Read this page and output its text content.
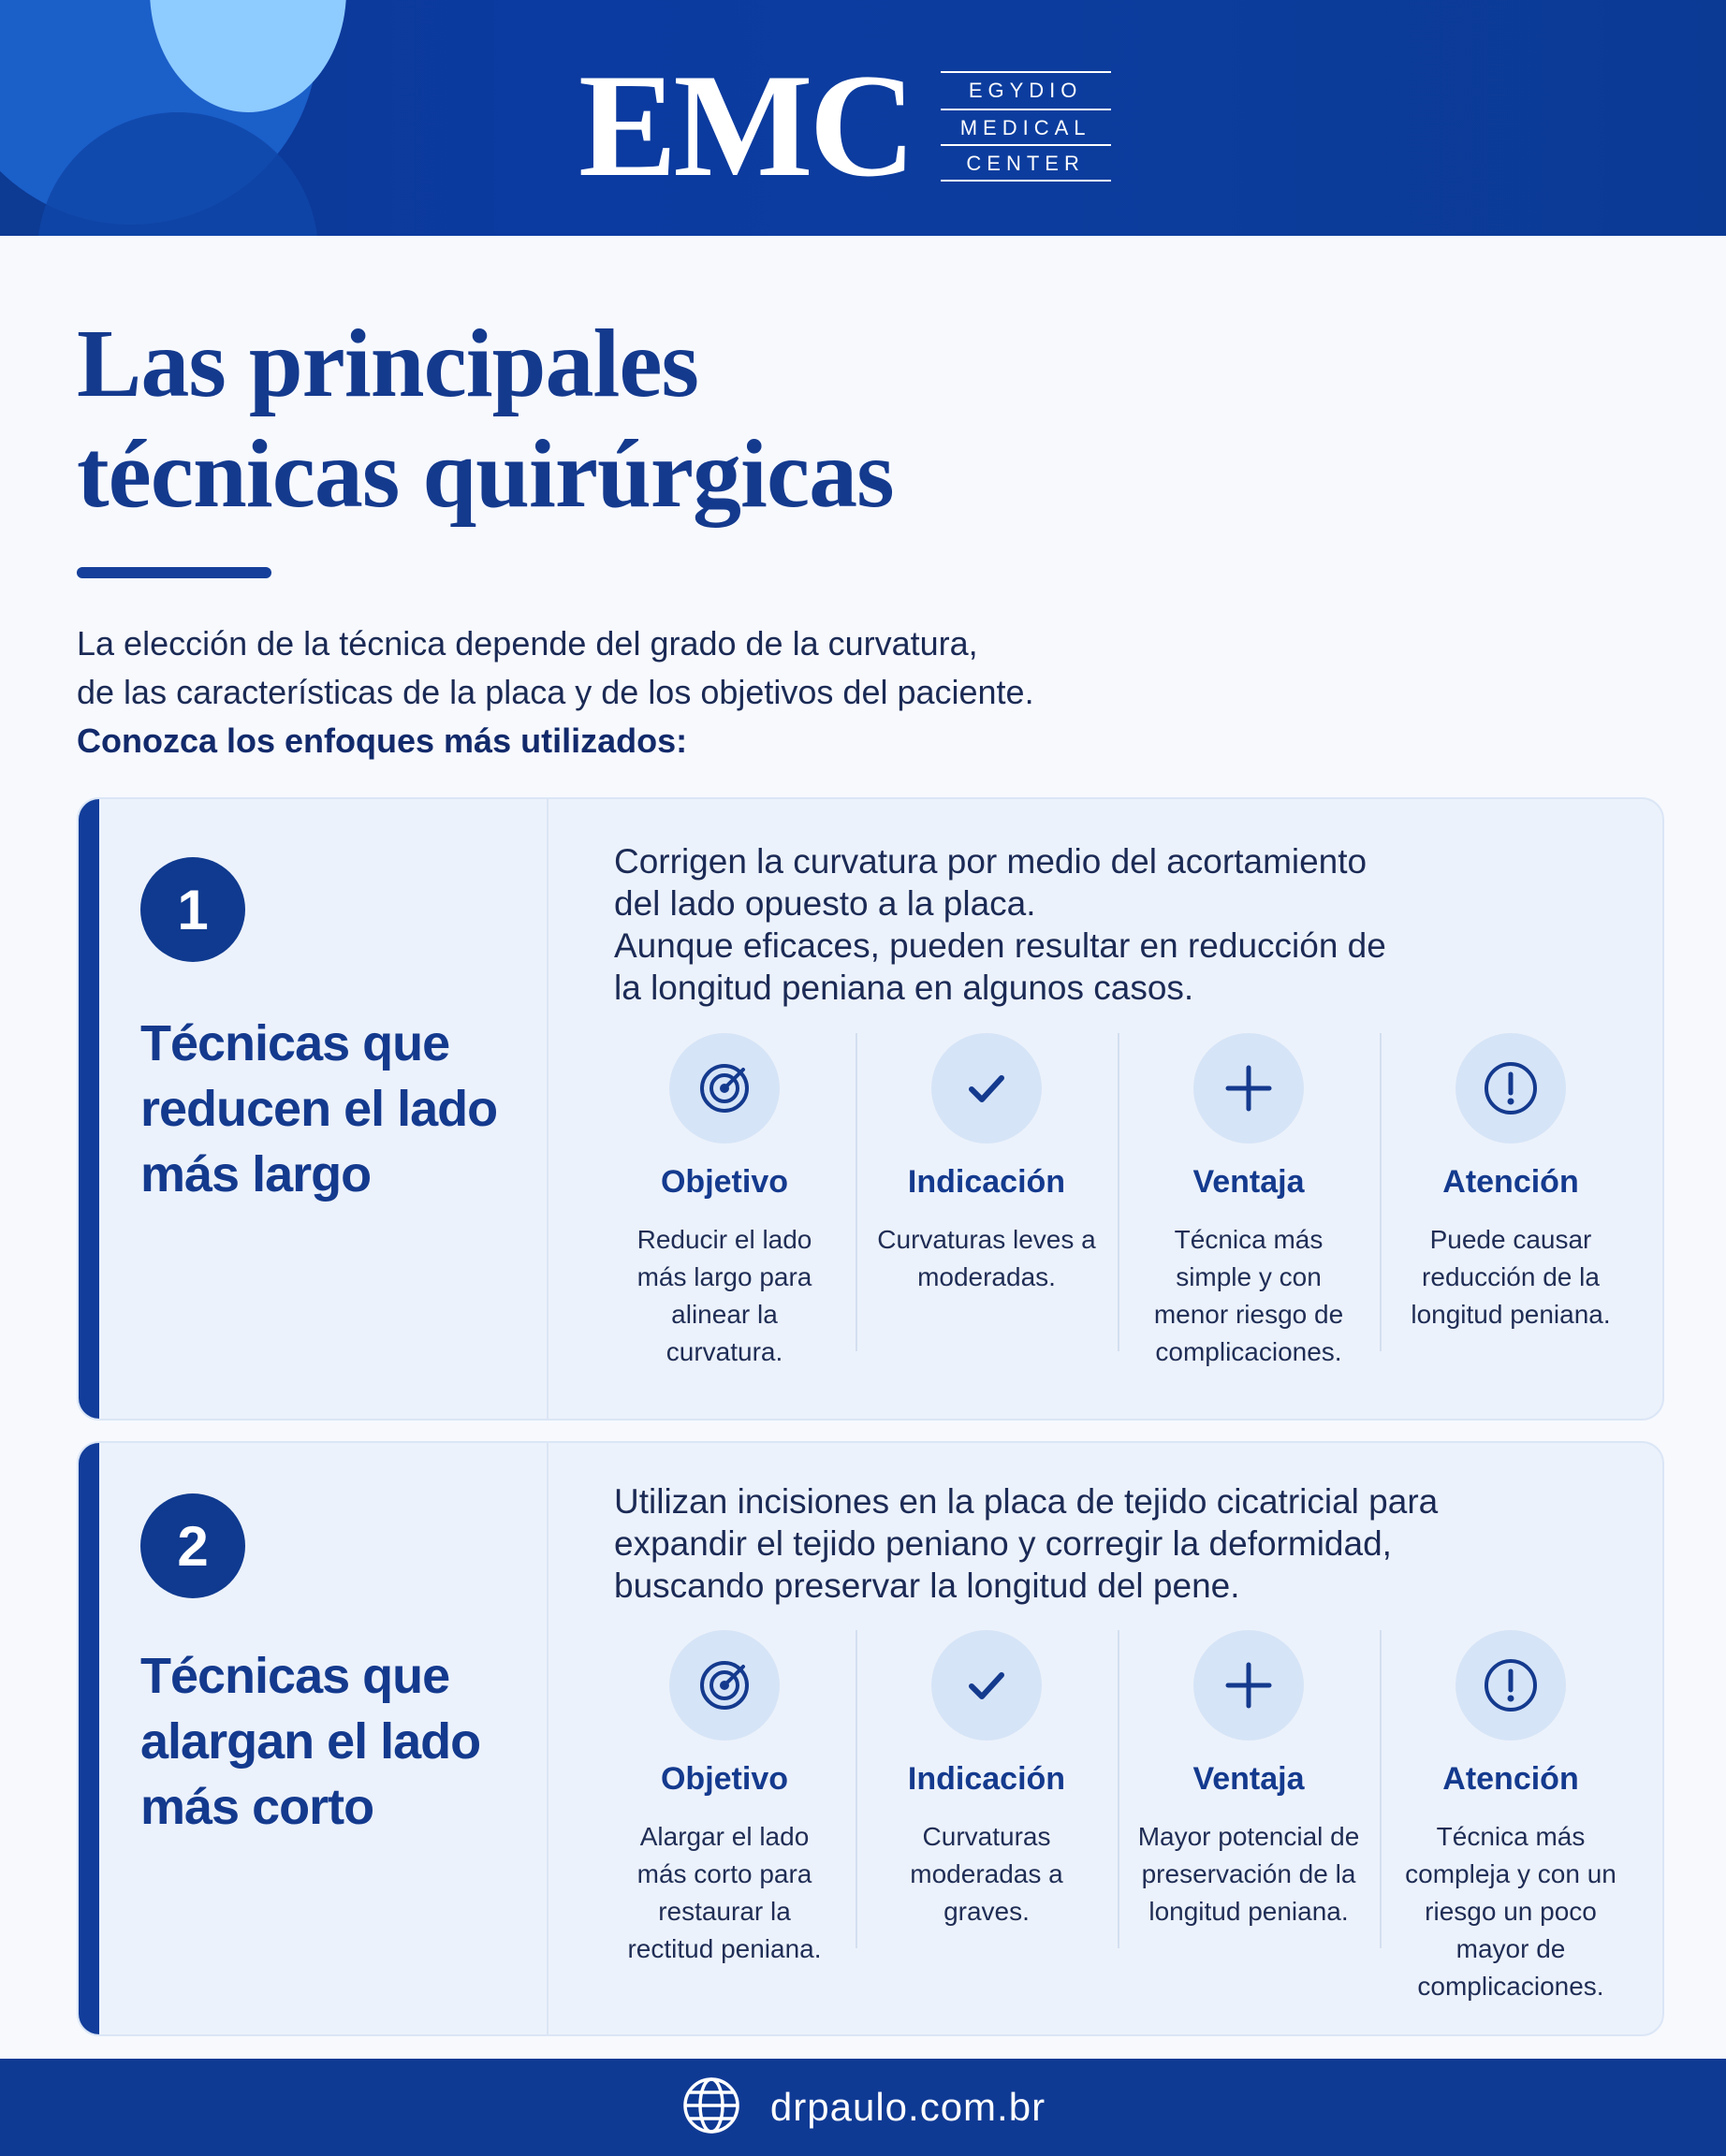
EMC	EGYDIO
MEDICAL
CENTER
Las principales
técnicas quirúrgicas
La elección de la técnica depende del grado de la curvatura,
de las características de la placa y de los objetivos del paciente.
Conozca los enfoques más utilizados:
1
Técnicas que
reducen el lado
más largo
Corrigen la curvatura por medio del acortamiento
del lado opuesto a la placa.
Aunque eficaces, pueden resultar en reducción de
la longitud peniana en algunos casos.
Objetivo
Reducir el lado más largo para alinear la curvatura.
Indicación
Curvaturas leves a moderadas.
Ventaja
Técnica más simple y con menor riesgo de complicaciones.
Atención
Puede causar reducción de la longitud peniana.
2
Técnicas que
alargan el lado
más corto
Utilizan incisiones en la placa de tejido cicatricial para
expandir el tejido peniano y corregir la deformidad,
buscando preservar la longitud del pene.
Objetivo
Alargar el lado más corto para restaurar la rectitud peniana.
Indicación
Curvaturas moderadas a graves.
Ventaja
Mayor potencial de preservación de la longitud peniana.
Atención
Técnica más compleja y con un riesgo un poco mayor de complicaciones.
drpaulo.com.br
